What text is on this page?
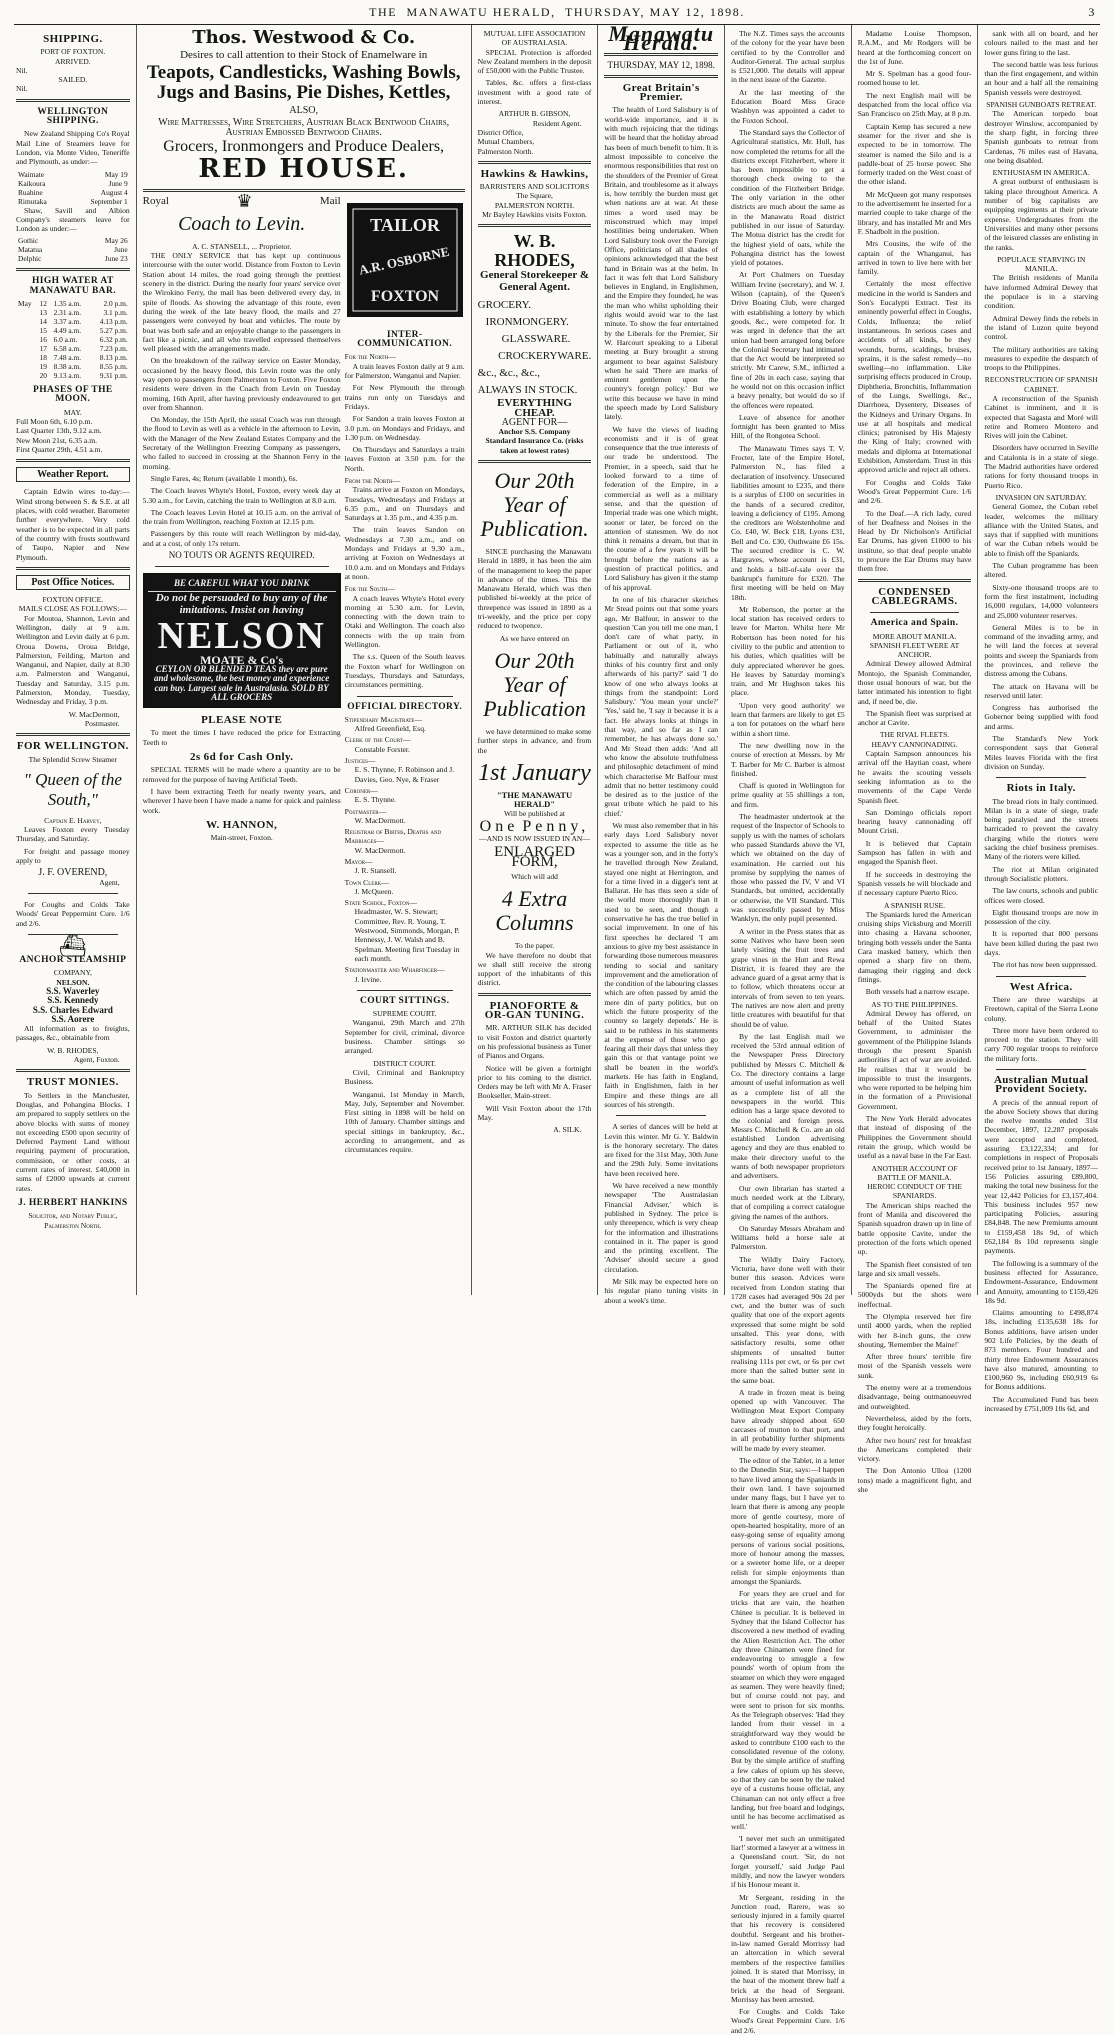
THE
MANAWATU HERALD,
THURSDAY, MAY 12, 1898.	3
SHIPPING.
PORT OF FOXTON.
ARRIVED.
Nil.
SAILED.
Nil.
WELLINGTON SHIPPING.

New Zealand Shipping Co's Royal Mail Line of Steamers leave for London, via Monte Video, Teneriffe and Plymouth, as under:—

Waimate	May 19
Kaikoura	June 9
Ruahine	August 4
Rimutaka	September 1

Shaw, Savill and Albion Company's steamers leave for London as under:—

Gothic	May 26
Matatua	June
Delphic	June 23
HIGH WATER AT MANAWATU BAR.
May	12	1.35 a.m.	2.0 p.m.
	13	2.31 a.m.	3.1 p.m.
	14	3.37 a.m.	4.13 p.m.
	15	4.49 a.m.	5.27 p.m.
	16	6.0 a.m.	6.32 p.m.
	17	6.58 a.m.	7.23 p.m.
	18	7.48 a.m.	8.13 p.m.
	19	8.38 a.m.	8.55 p.m.
	20	9.13 a.m.	9.31 p.m.
PHASES OF THE MOON.
MAY.
Full Moon 6th, 6.10 p.m.
Last Quarter 13th, 9.12 a.m.
New Moon 21st, 6.35 a.m.
First Quarter 29th, 4.51 a.m.
Weather Report.

Captain Edwin wires to-day:—Wind strong between S. & S.E. at all places, with cold weather. Barometer further everywhere. Very cold weather is to be expected in all parts of the country with frosts southward of Taupo, Napier and New Plymouth.

Post Office Notices.
FOXTON OFFICE.
MAILS CLOSE AS FOLLOWS:—

For Moutoa, Shannon, Levin and Wellington, daily at 9 a.m. Wellington and Levin daily at 6 p.m. Oroua Downs, Oroua Bridge, Palmerston, Feilding, Marton and Wanganui, and Napier, daily at 8.30 a.m. Palmerston and Wanganui, Tuesday and Saturday, 3.15 p.m. Palmerston, Monday, Tuesday, Wednesday and Friday, 3 p.m.

W. MacDermott,
Postmaster.
FOR WELLINGTON.
The Splendid Screw Steamer
" Queen of the South,"
Captain E. Harvey,

Leaves Foxton every Tuesday Thursday, and Saturday.

For freight and passage money apply to

J. F. OVEREND,
Agent,

For Coughs and Colds Take Woods' Great Peppermint Cure. 1/6 and 2/6.

⛴
ANCHOR STEAMSHIP
COMPANY,
NELSON.
S.S. Waverley
S.S. Kennedy
S.S. Charles Edward
S.S. Aorere

All information as to freights, passages, &c., obtainable from

W. B. RHODES,
Agent, Foxton.
TRUST MONIES.

To Settlers in the Manchester, Douglas, and Pohangina Blocks. I am prepared to supply settlers on the above blocks with sums of money not exceeding £500 upon security of Deferred Payment Land without requiring payment of procuration, commission, or other costs, at current rates of interest. £40,000 in sums of £2000 upwards at current rates.

J. HERBERT HANKINS
Solicitor, and Notary Public,
Palmerston North.
Thos. Westwood & Co.
Desires to call attention to their Stock of Enamelware in
Teapots, Candlesticks, Washing Bowls, Jugs and Basins, Pie Dishes, Kettles,
ALSO,
Wire Mattresses, Wire Stretchers, Austrian Black Bentwood Chairs, Austrian Embossed Bentwood Chairs.
Grocers, Ironmongers and Produce Dealers,
RED HOUSE.
Royal	♛	Mail
Coach to Levin.
A. C. STANSELL, ... Proprietor.

THE ONLY SERVICE that has kept up continuous intercourse with the outer world. Distance from Foxton to Levin Station about 14 miles, the road going through the prettiest scenery in the district. During the nearly four years' service over the Wirokino Ferry, the mail has been delivered every day, in spite of floods. As showing the advantage of this route, even during the week of the late heavy flood, the mails and 27 passengers were conveyed by boat and vehicles. The route by boat was both safe and an enjoyable change to the passengers in fact like a picnic, and all who travelled expressed themselves well pleased with the arrangements made.

On the breakdown of the railway service on Easter Monday, occasioned by the heavy flood, this Levin route was the only way open to passengers from Palmerston to Foxton. Five Foxton residents were driven in the Coach from Levin on Tuesday morning, 16th April, after having previously endeavoured to get over from Shannon.

On Monday, the 15th April, the usual Coach was run through the flood to Levin as well as a vehicle in the afternoon to Levin, with the Manager of the New Zealand Estates Company and the Secretary of the Wellington Freezing Company as passengers, who failed to succeed in crossing at the Shannon Ferry in the morning.

Single Fares, 4s; Return (available 1 month), 6s.

The Coach leaves Whyte's Hotel, Foxton, every week day at 5.30 a.m., for Levin, catching the train to Wellington at 8.0 a.m.

The Coach leaves Levin Hotel at 10.15 a.m. on the arrival of the train from Wellington, reaching Foxton at 12.15 p.m.

Passengers by this route will reach Wellington by mid-day, and at a cost, of only 17s return.

NO TOUTS OR AGENTS REQUIRED.
BE CAREFUL WHAT YOU DRINK
Do not be persuaded to buy any of the imitations. Insist on having
NELSON
MOATE & Co's
CEYLON OR BLENDED TEAS they are pure and wholesome, the best money and experience can buy. Largest sale in Australasia. SOLD BY ALL GROCERS
PLEASE NOTE

To meet the times I have reduced the price for Extracting Teeth to

2s 6d for Cash Only.

SPECIAL TERMS will be made where a quantity are to be removed for the purpose of having Artificial Teeth.

I have been extracting Teeth for nearly twenty years, and wherever I have been I have made a name for quick and painless work.

W. HANNON,
Main-street, Foxton.
TAILOR
A.R. OSBORNE
FOXTON
INTER-COMMUNICATION.
For the North—

A train leaves Foxton daily at 9 a.m. for Palmerston, Wanganui and Napier.

For New Plymouth the through trains run only on Tuesdays and Fridays.

For Sandon a train leaves Foxton at 3.0 p.m. on Mondays and Fridays, and 1.30 p.m. on Wednesday.

On Thursdays and Saturdays a train leaves Foxton at 3.50 p.m. for the North.

From the North—

Trains arrive at Foxton on Mondays, Tuesdays, Wednesdays and Fridays at 6.35 p.m., and on Thursdays and Saturdays at 1.35 p.m., and 4.35 p.m.

The train leaves Sandon on Wednesdays at 7.30 a.m., and on Mondays and Fridays at 9.30 a.m., arriving at Foxton on Wednesdays at 10.0 a.m. and on Mondays and Fridays at noon.

For the South—

A coach leaves Whyte's Hotel every morning at 5.30 a.m. for Levin, connecting with the down train to Otaki and Wellington. The coach also connects with the up train from Wellington.

The s.s. Queen of the South leaves the Foxton wharf for Wellington on Tuesdays, Thursdays and Saturdays, circumstances permitting.

OFFICIAL DIRECTORY.
Stipendiary Magistrate—
Alfred Greenfield, Esq.
Clerk of the Court—
Constable Forster.
Justices—
E. S. Thynne, F. Robinson and J. Davies, Geo. Nye, & Fraser
Coroner—
E. S. Thynne.
Postmaster—
W. MacDermott.
Registrar of Births, Deaths and Marriages—
W. MacDermott.
Mayor—
J. R. Stansell.
Town Clerk—
J. McQueen.
State School, Foxton—
Headmaster, W. S. Stewart; Committee, Rev. R. Young, T. Westwood, Simmonds, Morgan, P. Hennessy, J. W. Walsh and B. Spelman. Meeting first Tuesday in each month.
Stationmaster and Wharfinger—
J. Irvine.
COURT SITTINGS.
SUPREME COURT.

Wanganui, 29th March and 27th September for civil, criminal, divorce business. Chamber sittings so arranged.

DISTRICT COURT.

Civil, Criminal and Bankruptcy Business.

Wanganui, 1st Monday in March, May, July, September and November. First sitting in 1898 will be held on 10th of January. Chamber sittings and special sittings in bankruptcy, &c., according to arrangement, and as circumstances require.

MUTUAL LIFE ASSOCIATION
OF AUSTRALASIA.

SPECIAL Protection is afforded New Zealand members in the deposit of £50,000 with the Public Trustee.

Tables, &c. offers a first-class investment with a good rate of interest.

ARTHUR B. GIBSON,
Resident Agent.
District Office,
Mutual Chambers,
Palmerston North.
Hawkins & Hawkins,
BARRISTERS AND SOLICITORS
The Square,
PALMERSTON NORTH.
Mr Bayley Hawkins visits Foxton.
W. B. RHODES,
General Storekeeper & General Agent.
GROCERY.
IRONMONGERY.
GLASSWARE.
CROCKERYWARE.
&c., &c., &c.,
ALWAYS IN STOCK.
EVERYTHING CHEAP.
AGENT FOR—
Anchor S.S. Company
Standard Insurance Co. (risks taken at lowest rates)
Our 20th Year of Publication.

SINCE purchasing the Manawatu Herald in 1889, it has been the aim of the management to keep the paper in advance of the times. This the Manawatu Herald, which was then published bi-weekly at the price of threepence was issued in 1890 as a tri-weekly, and the price per copy reduced to twopence.

As we have entered on
Our 20th Year of Publication

we have determined to make some further steps in advance, and from the

1st January
"THE MANAWATU HERALD"
Will be published at
One Penny,
—AND IS NOW ISSUED IN AN—
ENLARGED FORM,
Which will add
4 Extra Columns
To the paper.

We have therefore no doubt that we shall still receive the strong support of the inhabitants of this district.

PIANOFORTE & OR-GAN TUNING.

MR. ARTHUR SILK has decided to visit Foxton and district quarterly on his professional business as Tuner of Pianos and Organs.

Notice will be given a fortnight prior to his coming to the district. Orders may be left with Mr A. Fraser Bookseller, Main-street.

Will Visit Foxton about the 17th May.

A. SILK.
Manawatu Herald.
THURSDAY, MAY 12, 1898.
Great Britain's Premier.

The health of Lord Salisbury is of world-wide importance, and it is with much rejoicing that the tidings will be heard that the holiday abroad has been of much benefit to him. It is almost impossible to conceive the enormous responsibilities that rest on the shoulders of the Premier of Great Britain, and troublesome as it always is, how terribly the burden must get when nations are at war. At these times a word used may be misconstrued which may impel hostilities being undertaken. When Lord Salisbury took over the Foreign Office, politicians of all shades of opinions acknowledged that the best hand in Britain was at the helm. In fact it was felt that Lord Salisbury believes in England, in Englishmen, and the Empire they founded, he was the man who whilst upholding their rights would avoid war to the last minute. To show the fear entertained by the Liberals for the Premier, Sir W. Harcourt speaking to a Liberal meeting at Bury brought a strong argument to bear against Salisbury when he said 'There are marks of eminent gentlemen upon the country's foreign policy.' But we write this because we have in mind the speech made by Lord Salisbury lately.

We have the views of leading economists and it is of great consequence that the true interests of our trade be understood. The Premier, in a speech, said that he looked forward to a time of federation of the Empire, in a commercial as well as a military sense, and that the question of Imperial trade was one which might, sooner or later, be forced on the attention of statesmen. We do not think it remains a dream, but that in the course of a few years it will be brought before the nations as a question of practical politics, and Lord Salisbury has given it the stamp of his approval.

In one of his character sketches Mr Stead points out that some years ago, Mr Balfour, in answer to the question 'Can you tell me one man, I don't care of what party, in Parliament or out of it, who habitually and naturally always thinks of his country first and only afterwards of his party?' said 'I do know of one who always looks at things from the standpoint: Lord Salisbury.' 'You mean your uncle?' 'Yes,' said he, 'I say it because it is a fact. He always looks at things in that way, and so far as I can remember, he has always done so.' And Mr Stead then adds: 'And all who know the absolute truthfulness and philosophic detachment of mind which characterise Mr Balfour must admit that no better testimony could be desired as to the justice of the great tribute which he paid to his chief.'

We must also remember that in his early days Lord Salisbury never expected to assume the title as he was a younger son, and in the forty's he travelled through New Zealand, stayed one night at Herrington, and for a time lived in a digger's tent at Ballarat. He has thus seen a side of the world more thoroughly than it used to be seen, and though a conservative he has the true belief in social improvement. In one of his first speeches he declared 'I am anxious to give my best assistance in forwarding those numerous measures tending to social and sanitary improvement and the amelioration of the condition of the labouring classes which are often passed by amid the mere din of party politics, but on which the future prosperity of the country so largely depends.' He is said to be ruthless in his statements at the expense of those who go fearing all their days that unless they gain this or that vantage point we shall be beaten in the world's markets. He has faith in England, faith in Englishmen, faith in her Empire and these things are all sources of his strength.

A series of dances will be held at Levin this winter. Mr G. Y. Baldwin is the honorary secretary. The dates are fixed for the 31st May, 30th June and the 29th July. Some invitations have been received here.

We have received a new monthly newspaper 'The Australasian Financial Adviser,' which is published in Sydney. The price is only threepence, which is very cheap for the information and illustrations contained in it. The paper is good and the printing excellent. The 'Adviser' should secure a good circulation.

Mr Silk may be expected here on his regular piano tuning visits in about a week's time.

The N.Z. Times says the accounts of the colony for the year have been certified to by the Controller and Auditor-General. The actual surplus is £521,000. The details will appear in the next issue of the Gazette.

At the last meeting of the Education Board Miss Grace Washbyn was appointed a cadet to the Foxton School.

The Standard says the Collector of Agricultural statistics, Mr. Hull, has now completed the returns for all the districts except Fitzherbert, where it has been impossible to get a thorough check owing to the condition of the Fitzherbert Bridge. The only variation in the other districts are much about the same as in the Manawatu Road district published in our issue of Saturday. The Motua district has the credit for the highest yield of oats, while the Pohangina district has the lowest yield of potatoes.

At Port Chalmers on Tuesday William Irvine (secretary), and W. J. Wilson (captain), of the Queen's Drive Boating Club, were charged with establishing a lottery by which goods, &c., were competed for. It was urged in defence that the art union had been arranged long before the Colonial Secretary had intimated that the Act would be interpreted so strictly. Mr Carew, S.M., inflicted a fine of 20s in each case, saying that he would not on this occasion inflict a heavy penalty, but would do so if the offences were repeated.

Leave of absence for another fortnight has been granted to Miss Hill, of the Rongotea School.

The Manawatu Times says T. V. Frocter, late of the Empire Hotel, Palmerston N., has filed a declaration of insolvency. Unsecured liabilities amount to £235, and there is a surplus of £100 on securities in the hands of a secured creditor, leaving a deficiency of £195. Among the creditors are Wolstenholme and Co. £40, W. Beck £18, Lyons £31, Bell and Co. £30, Outhwaite £6 15s. The secured creditor is C. W. Hargraves, whose account is £31, and holds a bill-of-sale over the bankrupt's furniture for £320. The first meeting will be held on May 18th.

Mr Robertson, the porter at the local station has received orders to leave for Marton. Whilst here Mr Robertson has been noted for his civility to the public and attention to his duties, which qualities will be duly appreciated wherever he goes. He leaves by Saturday morning's train, and Mr Hughson takes his place.

'Upon very good authority' we learn that farmers are likely to get £5 a ton for potatoes on the wharf here within a short time.

The new dwelling now in the course of erection at Messrs. by Mr T. Barber for Mr C. Barber is almost finished.

Chaff is quoted in Wellington for prime quality at 55 shillings a ton, and firm.

The headmaster undertook at the request of the Inspector of Schools to supply us with the names of scholars who passed Standards above the VI, which we obtained on the day of examination. He carried out his promise by supplying the names of those who passed the IV, V and VI Standards, but omitted, accidentally or otherwise, the VII Standard. This was successfully passed by Miss Wanklyn, the only pupil presented.

A writer in the Press states that as some Natives who have been seen lately visiting the fruit trees and grape vines in the Hutt and Rewa District, it is feared they are the advance guard of a great army that is to follow, which threatens occur at intervals of from seven to ten years. The natives are now alert and pretty little creatures with beautiful fur that should be of value.

By the last English mail we received the 53rd annual edition of the Newspaper Press Directory published by Messrs C. Mitchell & Co. The directory contains a large amount of useful information as well as a complete list of all the newspapers in the world. This edition has a large space devoted to the colonial and foreign press. Messrs C. Mitchell & Co. are an old established London advertising agency and they are thus enabled to make their directory useful to the wants of both newspaper proprietors and advertisers.

Our own librarian has started a much needed work at the Library, that of compiling a correct catalogue giving the names of the authors.

On Saturday Messrs Abraham and Williams held a horse sale at Palmerston.

The Wildly Dairy Factory, Victoria, have done well with their butter this season. Advices were received from London stating that 1728 cases had averaged 90s 2d per cwt, and the butter was of such quality that one of the export agents expressed that some might be sold unsalted. This year done, with satisfactory results, some other shipments of unsalted butter realising 111s per cwt, or 6s per cwt more than the salted butter sent in the same boat.

A trade in frozen meat is being opened up with Vancouver. The Wellington Meat Export Company have already shipped about 650 carcases of mutton to that port, and in all probability further shipments will be made by every steamer.

The editor of the Tablet, in a letter to the Dunedin Star, says:—I happen to have lived among the Spaniards in their own land. I have sojourned under many flags, but I have yet to learn that there is among any people more of gentle courtesy, more of open-hearted hospitality, more of an easy-going sense of equality among persons of various social positions, more of honour among the masses, or a sweeter home life, or a deeper relish for simple enjoyments than amongst the Spaniards.

For years they are cruel and for tricks that are vain, the heathen Chinee is peculiar. It is believed in Sydney that the Island Collector has discovered a new method of evading the Alien Restriction Act. The other day three Chinamen were fined for endeavouring to smuggle a few pounds' worth of opium from the steamer on which they were engaged as seamen. They were heavily fined; but of course could not pay, and were sent to prison for six months. As the Telegraph observes: 'Had they landed from their vessel in a straightforward way they would be asked to contribute £100 each to the consolidated revenue of the colony. But by the simple artifice of stuffing a few cakes of opium up his sleeve, so that they can be seen by the naked eye of a customs house official, any Chinaman can not only effect a free landing, but free board and lodgings, until he has become acclimatised as well.'

'I never met such an unmitigated liar!' stormed a lawyer at a witness in a Queensland court. 'Sir, do not forget yourself,' said Judge Paul mildly, and now the lawyer wonders if his Honour meant it.

Mr Sergeant, residing in the Junction road, Rarere, was so seriously injured in a family quarrel that his recovery is considered doubtful. Sergeant and his brother-in-law named Gerald Morrissy had an altercation in which several members of the respective families joined. It is stated that Morrissy, in the heat of the moment threw half a brick at the head of Sergeant. Morrissy has been arrested.

For Coughs and Colds Take Wood's Great Peppermint Cure. 1/6 and 2/6.

Madame Louise Thompson, R.A.M., and Mr Rodgers will be heard at the forthcoming concert on the 1st of June.

Mr S. Spelman has a good four-roomed house to let.

The next English mail will be despatched from the local office via San Francisco on 25th May, at 8 p.m.

Captain Kemp has secured a new steamer for the river and she is expected to be in tomorrow. The steamer is named the Silo and is a paddle-boat of 25 horse power. She formerly traded on the West coast of the other island.

Mr McQueen got many responses to the advertisement he inserted for a married couple to take charge of the library, and has installed Mr and Mrs F. Shadbolt in the position.

Mrs Cousins, the wife of the captain of the Whanganui, has arrived in town to live here with her family.

Certainly the most effective medicine in the world is Sanders and Son's Eucalypti Extract. Test its eminently powerful effect in Coughs, Colds, Influenza; the relief instantaneous. In serious cases and accidents of all kinds, be they wounds, burns, scaldings, bruises, sprains, it is the safest remedy—no swelling—no inflammation. Like surprising effects produced in Croup, Diphtheria, Bronchitis, Inflammation of the Lungs, Swellings, &c., Diarrhoea, Dysentery, Diseases of the Kidneys and Urinary Organs. In use at all hospitals and medical clinics; patronised by His Majesty the King of Italy; crowned with medals and diploma at International Exhibition, Amsterdam. Trust in this approved article and reject all others.

For Coughs and Colds Take Wood's Great Peppermint Cure. 1/6 and 2/6.

To the Deaf.—A rich lady, cured of her Deafness and Noises in the Head by Dr Nicholson's Artificial Ear Drums, has given £1000 to his institute, so that deaf people unable to procure the Ear Drums may have them free.

CONDENSED CABLEGRAMS.
America and Spain.
MORE ABOUT MANILA.
SPANISH FLEET WERE AT ANCHOR.

Admiral Dewey allowed Admiral Montojo, the Spanish Commander, those usual honours of war, but the latter intimated his intention to fight and, if need be, die.

The Spanish fleet was surprised at anchor at Cavite.

THE RIVAL FLEETS.
HEAVY CANNONADING.

Captain Sampson announces his arrival off the Haytian coast, where he awaits the scouting vessels seeking information as to the movements of the Cape Verde Spanish fleet.

San Domingo officials report hearing heavy cannonading off Mount Cristi.

It is believed that Captain Sampson has fallen in with and engaged the Spanish fleet.

If he succeeds in destroying the Spanish vessels he will blockade and if necessary capture Puerto Rico.

A SPANISH RUSE.

The Spaniards lured the American cruising ships Vicksburg and Morrill into chasing a Havana schooner, bringing both vessels under the Santa Cara masked battery, which then opened a sharp fire on them, damaging their rigging and deck fittings.

Both vessels had a narrow escape.

AS TO THE PHILIPPINES.

Admiral Dewey has offered, on behalf of the United States Government, to administer the government of the Philippine Islands through the present Spanish authorities if act of war are avoided. He realises that it would be impossible to trust the insurgents, who were reported to be helping him in the formation of a Provisional Government.

The New York Herald advocates that instead of disposing of the Philippines the Government should retain the group, which would be useful as a naval base in the Far East.

ANOTHER ACCOUNT OF BATTLE OF MANILA.
HEROIC CONDUCT OF THE SPANIARDS.

The American ships reached the front of Manila and discovered the Spanish squadron drawn up in line of battle opposite Cavite, under the protection of the forts which opened up.

The Spanish fleet consisted of ten large and six small vessels.

The Spaniards opened fire at 5000yds but the shots were ineffectual.

The Olympia reserved her fire until 4000 yards, when the replied with her 8-inch guns, the crew shouting, 'Remember the Maine!'

After three hours' terrible fire most of the Spanish vessels were sunk.

The enemy were at a tremendous disadvantage, being outmanoeuvred and outweighted.

Nevertheless, aided by the forts, they fought heroically.

After two hours' rest for breakfast the Americans completed their victory.

The Don Antonio Ulloa (1200 tons) made a magnificent fight, and she

sank with all on board, and her colours nailed to the mast and her lower guns firing to the last.

The second battle was less furious than the first engagement, and within an hour and a half all the remaining Spanish vessels were destroyed.

SPANISH GUNBOATS RETREAT.

The American torpedo boat destroyer Winslow, accompanied by the sharp fight, in forcing three Spanish gunboats to retreat from Cardenas, 76 miles east of Havana, one being disabled.

ENTHUSIASM IN AMERICA.

A great outburst of enthusiasm is taking place throughout America. A number of big capitalists are equipping regiments at their private expense. Undergraduates from the Universities and many other persons of the leisured classes are enlisting in the ranks.

POPULACE STARVING IN MANILA.

The British residents of Manila have informed Admiral Dewey that the populace is in a starving condition.

Admiral Dewey finds the rebels in the island of Luzon quite beyond control.

The military authorities are taking measures to expedite the despatch of troops to the Philippines.

RECONSTRUCTION OF SPANISH CABINET.

A reconstruction of the Spanish Cabinet is imminent, and it is expected that Sagasta and Moré will retire and Romero Montero and Rives will join the Cabinet.

Disorders have occurred in Seville and Catalonia is in a state of siege. The Madrid authorities have ordered rations for forty thousand troops in Puerto Rico.

INVASION ON SATURDAY.

General Gomez, the Cuban rebel leader, welcomes the military alliance with the United States, and says that if supplied with munitions of war the Cuban rebels would be able to finish off the Spaniards.

The Cuban programme has been altered.

Sixty-one thousand troops are to form the first instalment, including 16,000 regulars, 14,000 volunteers and 25,000 volunteer reserves.

General Miles is to be in command of the invading army, and he will land the forces at several points and sweep the Spaniards from the provinces, and relieve the distress among the Cubans.

The attack on Havana will be reserved until later.

Congress has authorised the Gobernor being supplied with food and arms.

The Standard's New York correspondent says that General Miles leaves Florida with the first division on Sunday.

Riots in Italy.

The bread riots in Italy continued. Milan is in a state of siege, trade being paralysed and the streets barricaded to prevent the cavalry charging while the rioters were sacking the chief business premises. Many of the rioters were killed.

The riot at Milan originated through Socialistic plotters.

The law courts, schools and public offices were closed.

Eight thousand troops are now in possession of the city.

It is reported that 800 persons have been killed during the past two days.

The riot has now been suppressed.

West Africa.

There are three warships at Freetown, capital of the Sierra Leone colony.

Three more have been ordered to proceed to the station. They will carry 700 regular troops to reinforce the military forts.

Australian Mutual Provident Society.

A precis of the annual report of the above Society shows that during the twelve months ended 31st December, 1897, 12,287 proposals were accepted and completed, assuring £3,122,334; and for completions in respect of Proposals received prior to 1st January, 1897—156 Policies assuring £89,800, making the total new business for the year 12,442 Policies for £3,157,404. This business includes 957 new participating Policies, assuring £84,848. The new Premiums amount to £159,458 18s 9d, of which £62,184 8s 10d represents single payments.

The following is a summary of the business effected for Assurance, Endowment-Assurance, Endowment and Annuity, amounting to £159,426 18s 9d.

Claims amounting to £498,874 18s, including £135,638 18s for Bonus additions, have arisen under 902 Life Policies, by the death of 873 members. Four hundred and thirty three Endowment Assurances have also matured, amounting to £100,960 9s, including £60,919 6s for Bonus additions.

The Accumulated Fund has been increased by £751,009 10s 6d, and
